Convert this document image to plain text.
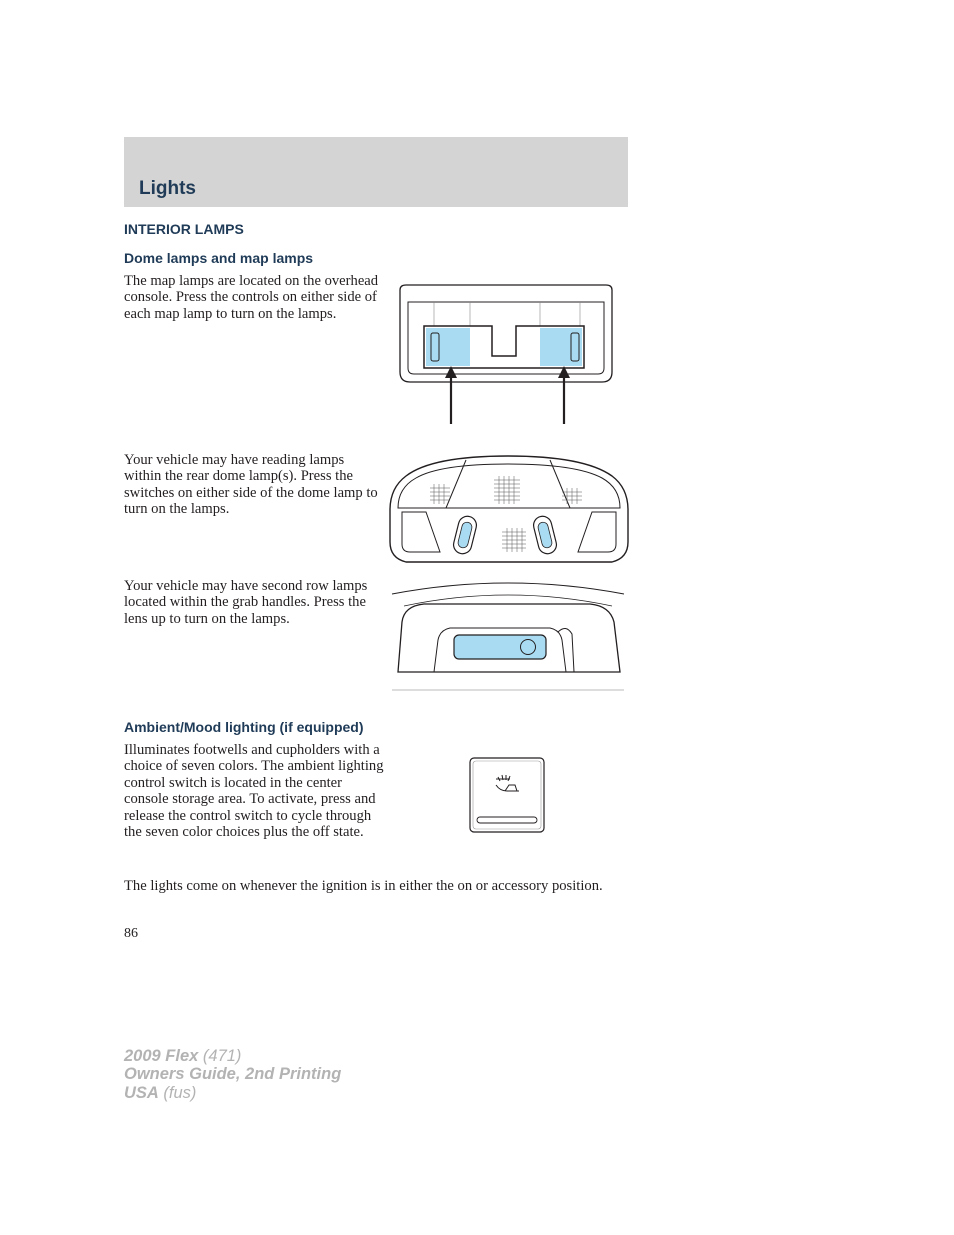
Lights
INTERIOR LAMPS
Dome lamps and map lamps
The map lamps are located on the overhead console. Press the controls on either side of each map lamp to turn on the lamps.
Your vehicle may have reading lamps within the rear dome lamp(s). Press the switches on either side of the dome lamp to turn on the lamps.
Your vehicle may have second row lamps located within the grab handles. Press the lens up to turn on the lamps.
Ambient/Mood lighting (if equipped)
Illuminates footwells and cupholders with a choice of seven colors. The ambient lighting control switch is located in the center console storage area. To activate, press and release the control switch to cycle through the seven color choices plus the off state.
The lights come on whenever the ignition is in either the on or accessory position.
86
2009 Flex (471)
Owners Guide, 2nd Printing
USA (fus)
